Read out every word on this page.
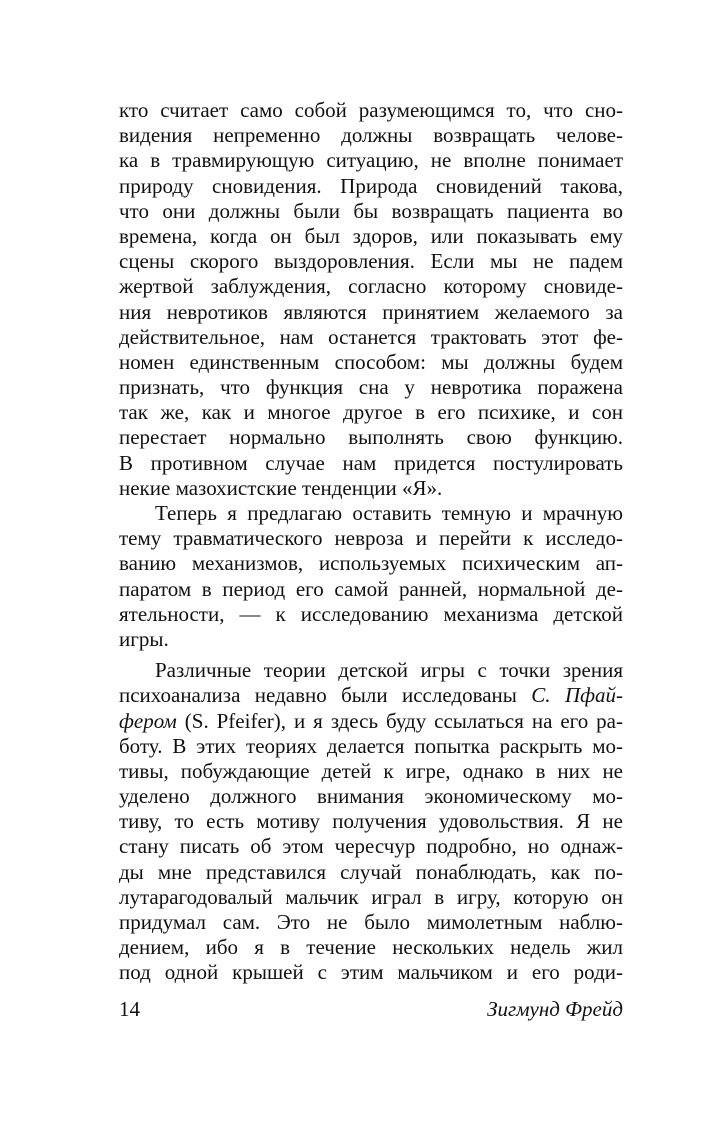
кто считает само собой разумеющимся то, что сно-
видения непременно должны возвращать челове-
ка в травмирующую ситуацию, не вполне понимает
природу сновидения. Природа сновидений такова,
что они должны были бы возвращать пациента во
времена, когда он был здоров, или показывать ему
сцены скорого выздоровления. Если мы не падем
жертвой заблуждения, согласно которому сновиде-
ния невротиков являются принятием желаемого за
действительное, нам останется трактовать этот фе-
номен единственным способом: мы должны будем
признать, что функция сна у невротика поражена
так же, как и многое другое в его психике, и сон
перестает нормально выполнять свою функцию.
В противном случае нам придется постулировать
некие мазохистские тенденции «Я».
Теперь я предлагаю оставить темную и мрачную
тему травматического невроза и перейти к исследо-
ванию механизмов, используемых психическим ап-
паратом в период его самой ранней, нормальной де-
ятельности, — к исследованию механизма детской
игры.
Различные теории детской игры с точки зрения
психоанализа недавно были исследованы С. Пфай-
фером (S. Pfeifer), и я здесь буду ссылаться на его ра-
боту. В этих теориях делается попытка раскрыть мо-
тивы, побуждающие детей к игре, однако в них не
уделено должного внимания экономическому мо-
тиву, то есть мотиву получения удовольствия. Я не
стану писать об этом чересчур подробно, но однаж-
ды мне представился случай понаблюдать, как по-
лутарагодовалый мальчик играл в игру, которую он
придумал сам. Это не было мимолетным наблю-
дением, ибо я в течение нескольких недель жил
под одной крышей с этим мальчиком и его роди-
14	Зигмунд Фрейд
